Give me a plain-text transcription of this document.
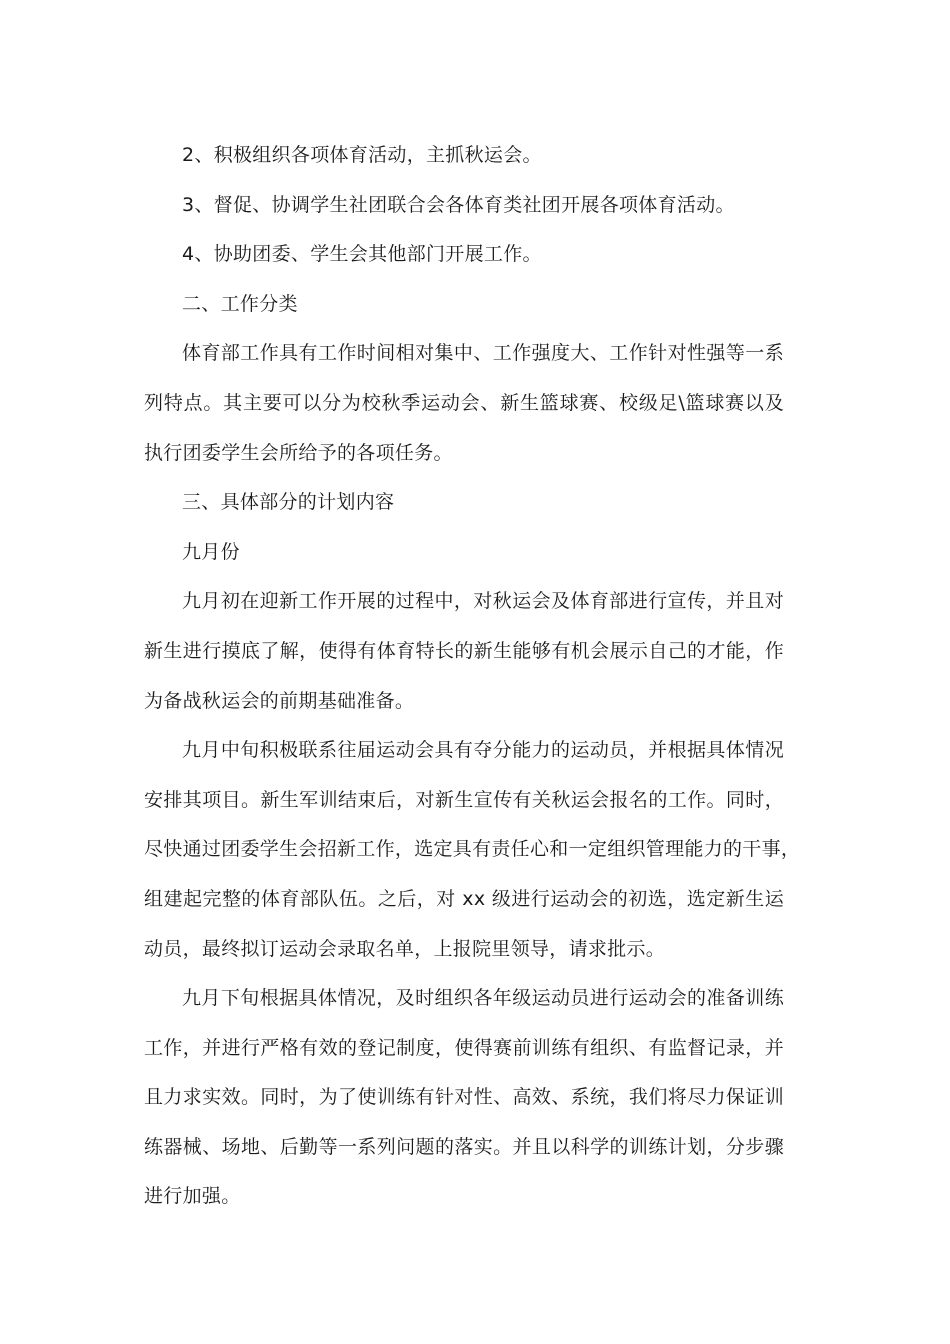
2、积极组织各项体育活动，主抓秋运会。
3、督促、协调学生社团联合会各体育类社团开展各项体育活动。
4、协助团委、学生会其他部门开展工作。
二、工作分类
体育部工作具有工作时间相对集中、工作强度大、工作针对性强等一系
列特点。其主要可以分为校秋季运动会、新生篮球赛、校级足\篮球赛以及
执行团委学生会所给予的各项任务。
三、具体部分的计划内容
九月份
九月初在迎新工作开展的过程中，对秋运会及体育部进行宣传，并且对
新生进行摸底了解，使得有体育特长的新生能够有机会展示自己的才能，作
为备战秋运会的前期基础准备。
九月中旬积极联系往届运动会具有夺分能力的运动员，并根据具体情况
安排其项目。新生军训结束后，对新生宣传有关秋运会报名的工作。同时，
尽快通过团委学生会招新工作，选定具有责任心和一定组织管理能力的干事，
组建起完整的体育部队伍。之后，对 xx 级进行运动会的初选，选定新生运
动员，最终拟订运动会录取名单，上报院里领导，请求批示。
九月下旬根据具体情况，及时组织各年级运动员进行运动会的准备训练
工作，并进行严格有效的登记制度，使得赛前训练有组织、有监督记录，并
且力求实效。同时，为了使训练有针对性、高效、系统，我们将尽力保证训
练器械、场地、后勤等一系列问题的落实。并且以科学的训练计划，分步骤
进行加强。
